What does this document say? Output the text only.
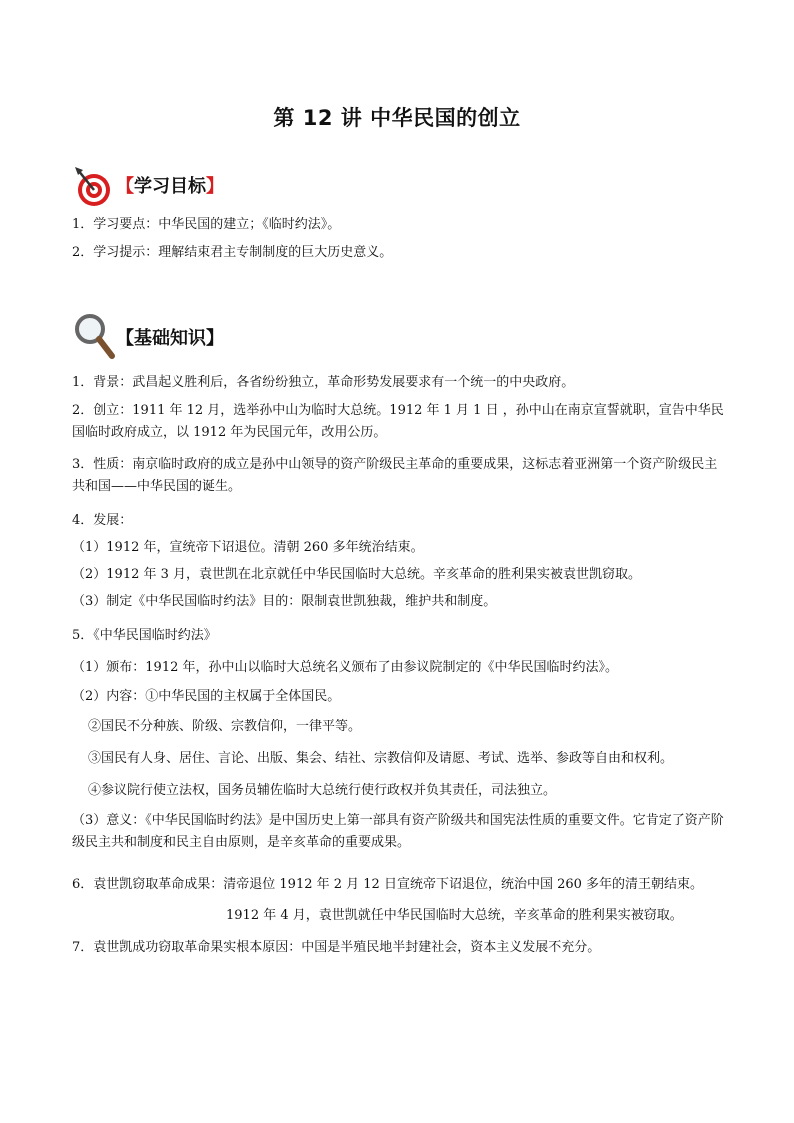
第 12 讲 中华民国的创立
【学习目标】
1．学习要点：中华民国的建立；《临时约法》。
2．学习提示：理解结束君主专制制度的巨大历史意义。
【基础知识】
1．背景：武昌起义胜利后，各省纷纷独立，革命形势发展要求有一个统一的中央政府。
2．创立：1911 年 12 月，选举孙中山为临时大总统。1912 年 1 月 1 日 ，孙中山在南京宣誓就职，宣告中华民国临时政府成立，以 1912 年为民国元年，改用公历。
3．性质：南京临时政府的成立是孙中山领导的资产阶级民主革命的重要成果，这标志着亚洲第一个资产阶级民主共和国——中华民国的诞生。
4．发展：
（1）1912 年，宣统帝下诏退位。清朝 260 多年统治结束。
（2）1912 年 3 月，袁世凯在北京就任中华民国临时大总统。辛亥革命的胜利果实被袁世凯窃取。
（3）制定《中华民国临时约法》目的：限制袁世凯独裁，维护共和制度。
5．《中华民国临时约法》
（1）颁布：1912 年，孙中山以临时大总统名义颁布了由参议院制定的《中华民国临时约法》。
（2）内容：①中华民国的主权属于全体国民。
②国民不分种族、阶级、宗教信仰，一律平等。
③国民有人身、居住、言论、出版、集会、结社、宗教信仰及请愿、考试、选举、参政等自由和权利。
④参议院行使立法权，国务员辅佐临时大总统行使行政权并负其责任，司法独立。
（3）意义：《中华民国临时约法》是中国历史上第一部具有资产阶级共和国宪法性质的重要文件。它肯定了资产阶级民主共和制度和民主自由原则，是辛亥革命的重要成果。
6．袁世凯窃取革命成果：清帝退位 1912 年 2 月 12 日宣统帝下诏退位，统治中国 260 多年的清王朝结束。
1912 年 4 月，袁世凯就任中华民国临时大总统，辛亥革命的胜利果实被窃取。
7．袁世凯成功窃取革命果实根本原因：中国是半殖民地半封建社会，资本主义发展不充分。
